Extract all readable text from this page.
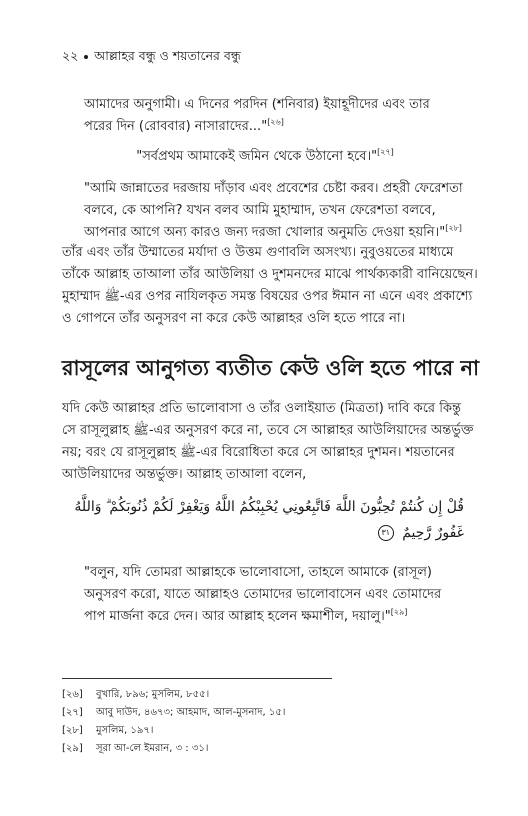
২২ আল্লাহর বন্ধু ও শয়তানের বন্ধু
আমাদের অনুগামী। এ দিনের পরদিন (শনিবার) ইয়াহূদীদের এবং তার
পরের দিন (রোববার) নাসারাদের..."[২৬]
"সর্বপ্রথম আমাকেই জমিন থেকে উঠানো হবে।"[২৭]
"আমি জান্নাতের দরজায় দাঁড়াব এবং প্রবেশের চেষ্টা করব। প্রহরী ফেরেশতা
বলবে, কে আপনি? যখন বলব আমি মুহাম্মাদ, তখন ফেরেশতা বলবে,
আপনার আগে অন্য কারও জন্য দরজা খোলার অনুমতি দেওয়া হয়নি।"[২৮]
তাঁর এবং তাঁর উম্মাতের মর্যাদা ও উত্তম গুণাবলি অসংখ্য। নুবুওয়তের মাধ্যমে
তাঁকে আল্লাহ তাআলা তাঁর আউলিয়া ও দুশমনদের মাঝে পার্থক্যকারী বানিয়েছেন।
মুহাম্মাদ ﷺ-এর ওপর নাযিলকৃত সমস্ত বিষয়ের ওপর ঈমান না এনে এবং প্রকাশ্যে
ও গোপনে তাঁর অনুসরণ না করে কেউ আল্লাহর ওলি হতে পারে না।
রাসূলের আনুগত্য ব্যতীত কেউ ওলি হতে পারে না
যদি কেউ আল্লাহর প্রতি ভালোবাসা ও তাঁর ওলাইয়াত (মিত্রতা) দাবি করে কিন্তু
সে রাসূলুল্লাহ ﷺ-এর অনুসরণ করে না, তবে সে আল্লাহর আউলিয়াদের অন্তর্ভুক্ত
নয়; বরং যে রাসূলুল্লাহ ﷺ-এর বিরোধিতা করে সে আল্লাহর দুশমন। শয়তানের
আউলিয়াদের অন্তর্ভুক্ত। আল্লাহ তাআলা বলেন,
قُلْ إِن كُنتُمْ تُحِبُّونَ اللَّهَ فَاتَّبِعُونِي يُحْبِبْكُمُ اللَّهُ وَيَغْفِرْ لَكُمْ ذُنُوبَكُمْ ۗ وَاللَّهُ
غَفُورٌ رَّحِيمٌ ٣١
"বলুন, যদি তোমরা আল্লাহকে ভালোবাসো, তাহলে আমাকে (রাসূল)
অনুসরণ করো, যাতে আল্লাহও তোমাদের ভালোবাসেন এবং তোমাদের
পাপ মার্জনা করে দেন। আর আল্লাহ হলেন ক্ষমাশীল, দয়ালু।"[২৯]
[২৬] বুখারি, ৮৯৬; মুসলিম, ৮৫৫।
[২৭] আবু দাউদ, ৪৬৭৩; আহমাদ, আল-মুসনাদ, ১৫।
[২৮] মুসলিম, ১৯৭।
[২৯] সূরা আ-লে ইমরান, ৩ : ৩১।
